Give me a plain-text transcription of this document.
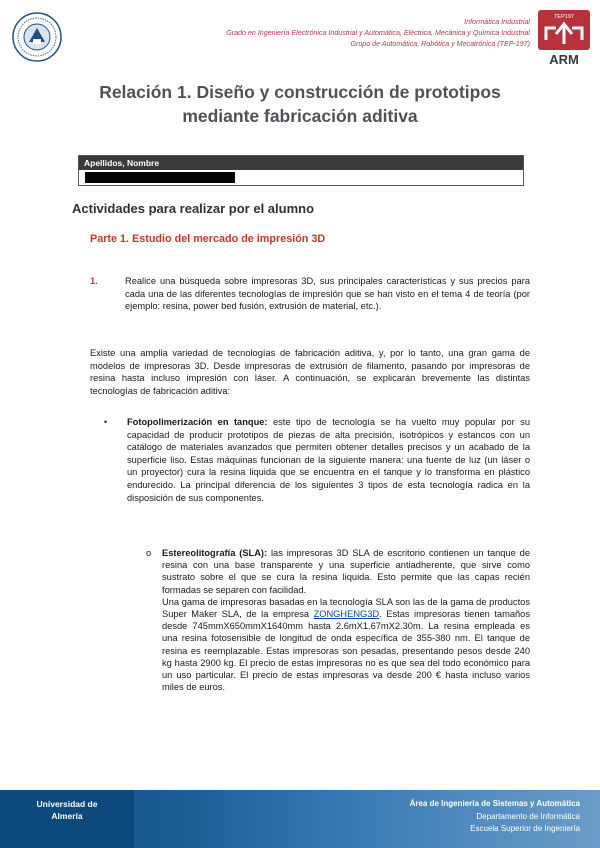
Informática Industrial
Grado en Ingeniería Electrónica Industrial y Automática, Eléctrica, Mecánica y Química Industrial
Grupo de Automática, Robótica y Mecatrónica (TEP-197)
TEP197
ARM
Relación 1. Diseño y construcción de prototipos
mediante fabricación aditiva
Apellidos, Nombre
Actividades para realizar por el alumno
Parte 1. Estudio del mercado de impresión 3D
1.	Realice una búsqueda sobre impresoras 3D, sus principales características y sus precios para cada una de las diferentes tecnologías de impresión que se han visto en el tema 4 de teoría (por ejemplo: resina, power bed fusión, extrusión de material, etc.).
Existe una amplia variedad de tecnologías de fabricación aditiva, y, por lo tanto, una gran gama de modelos de impresoras 3D. Desde impresoras de extrusión de filamento, pasando por impresoras de resina hasta incluso impresión con láser. A continuación, se explicarán brevemente las distintas tecnologías de fabricación aditiva:
• Fotopolimerización en tanque: este tipo de tecnología se ha vuelto muy popular por su capacidad de producir prototipos de piezas de alta precisión, isotrópicos y estancos con un catálogo de materiales avanzados que permiten obtener detalles precisos y un acabado de la superficie liso. Estas máquinas funcionan de la siguiente manera: una fuente de luz (un láser o un proyector) cura la resina liquida que se encuentra en el tanque y lo transforma en plástico endurecido. La principal diferencia de los siguientes 3 tipos de esta tecnología radica en la disposición de sus componentes.
o Estereolitografía (SLA): las impresoras 3D SLA de escritorio contienen un tanque de resina con una base transparente y una superficie antiadherente, que sirve como sustrato sobre el que se cura la resina liquida. Esto permite que las capas recién formadas se separen con facilidad.
Una gama de impresoras basadas en la tecnología SLA son las de la gama de productos Super Maker SLA, de la empresa ZONGHENG3D. Estas impresoras tienen tamaños desde 745mmX650mmX1640mm hasta 2.6mX1.67mX2.30m. La resina empleada es una resina fotosensible de longitud de onda específica de 355-380 nm. El tanque de resina es reemplazable. Estas impresoras son pesadas, presentando pesos desde 240 kg hasta 2900 kg. El precio de estas impresoras no es que sea del todo económico para un uso particular. El precio de estas impresoras va desde 200 € hasta incluso varios miles de euros.
Universidad de
Almería
Área de Ingeniería de Sistemas y Automática
Departamento de Informática
Escuela Superior de Ingeniería
